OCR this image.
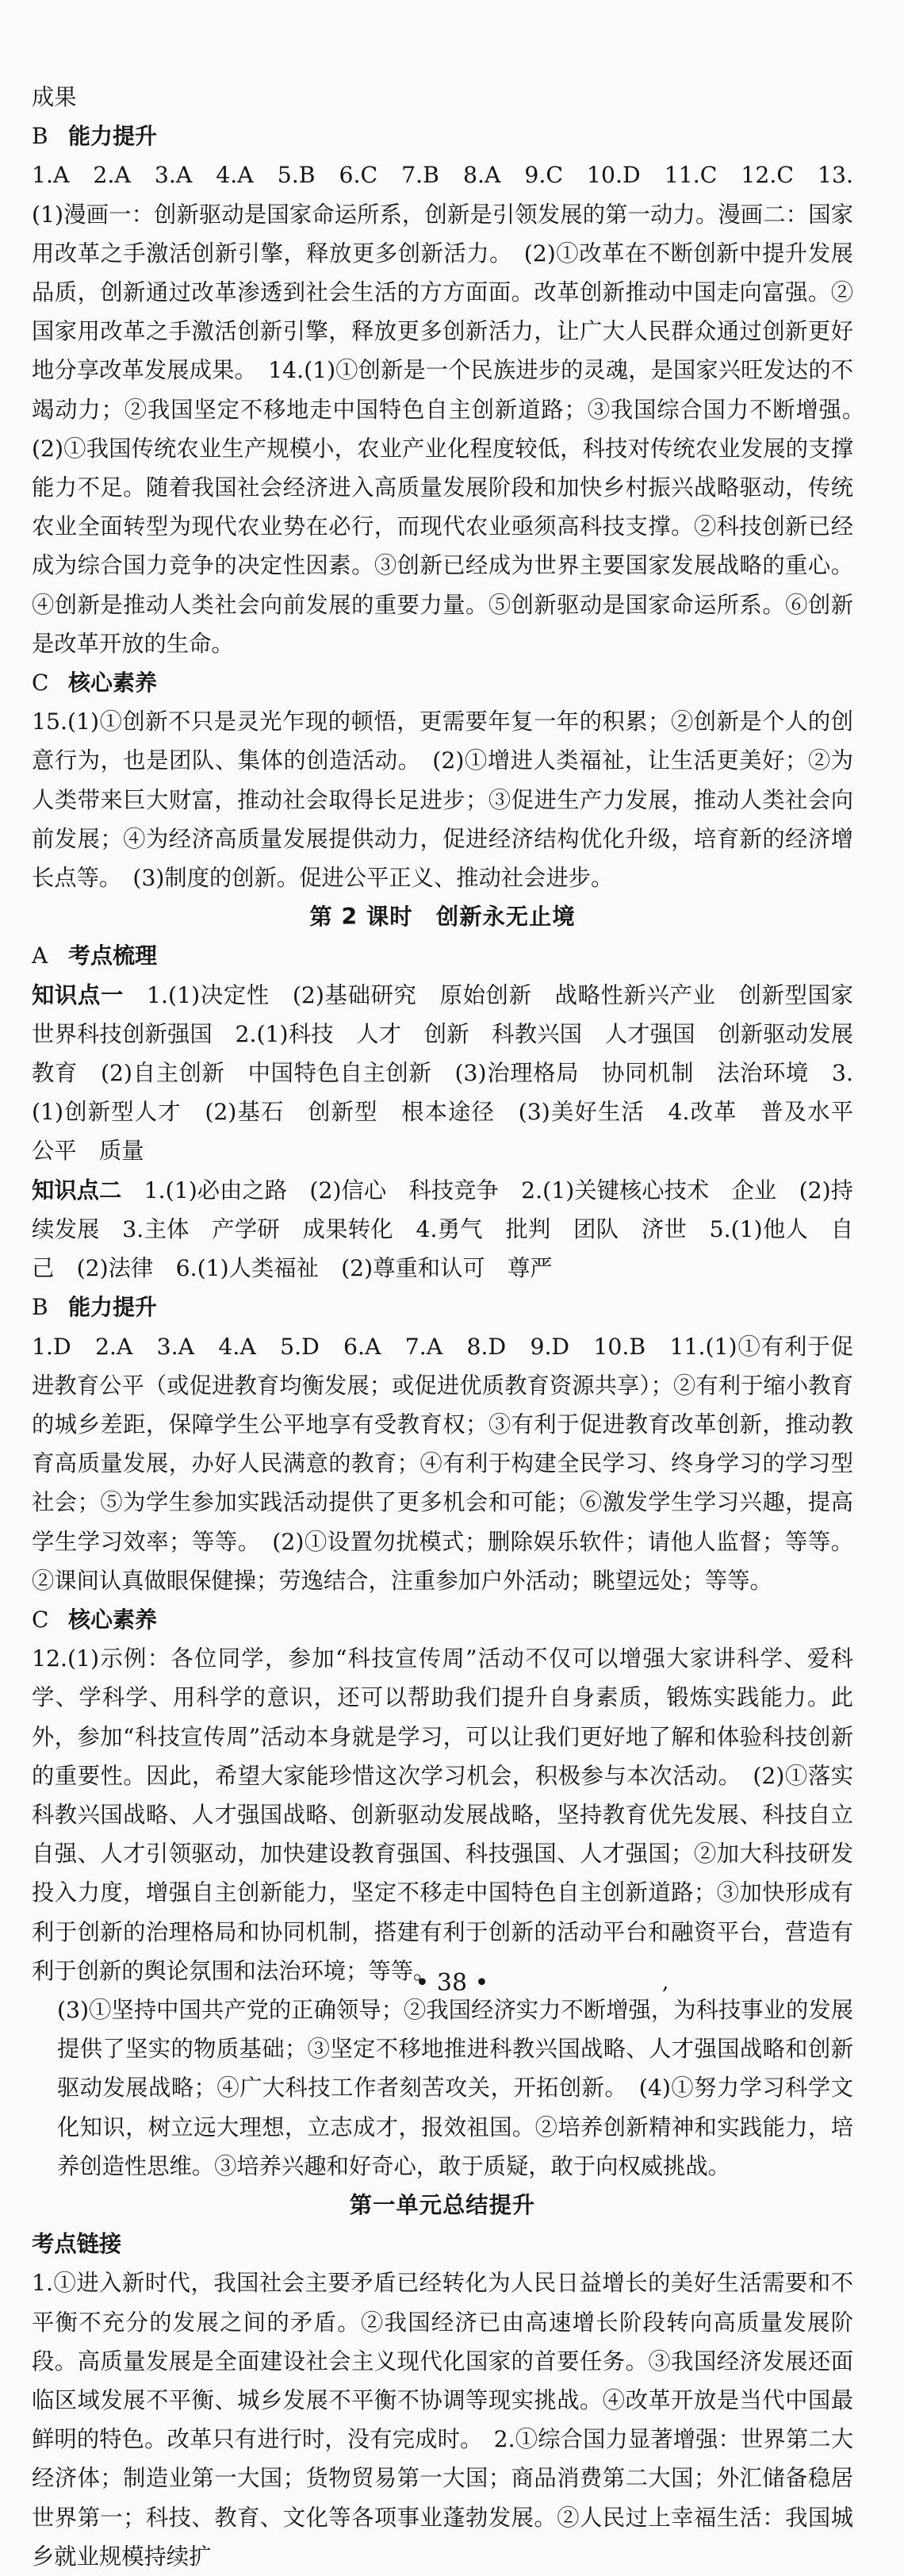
成果

B 能力提升

1.A　2.A　3.A　4.A　5.B　6.C　7.B　8.A　9.C　10.D　11.C　12.C　13.(1)漫画一：创新驱动是国家命运所系，创新是引领发展的第一动力。漫画二：国家用改革之手激活创新引擎，释放更多创新活力。　(2)①改革在不断创新中提升发展品质，创新通过改革渗透到社会生活的方方面面。改革创新推动中国走向富强。②国家用改革之手激活创新引擎，释放更多创新活力，让广大人民群众通过创新更好地分享改革发展成果。　14.(1)①创新是一个民族进步的灵魂，是国家兴旺发达的不竭动力；②我国坚定不移地走中国特色自主创新道路；③我国综合国力不断增强。　(2)①我国传统农业生产规模小，农业产业化程度较低，科技对传统农业发展的支撑能力不足。随着我国社会经济进入高质量发展阶段和加快乡村振兴战略驱动，传统农业全面转型为现代农业势在必行，而现代农业亟须高科技支撑。②科技创新已经成为综合国力竞争的决定性因素。③创新已经成为世界主要国家发展战略的重心。④创新是推动人类社会向前发展的重要力量。⑤创新驱动是国家命运所系。⑥创新是改革开放的生命。

C 核心素养

15.(1)①创新不只是灵光乍现的顿悟，更需要年复一年的积累；②创新是个人的创意行为，也是团队、集体的创造活动。　(2)①增进人类福祉，让生活更美好；②为人类带来巨大财富，推动社会取得长足进步；③促进生产力发展，推动人类社会向前发展；④为经济高质量发展提供动力，促进经济结构优化升级，培育新的经济增长点等。　(3)制度的创新。促进公平正义、推动社会进步。

第 2 课时　创新永无止境

A 考点梳理

知识点一　 1.(1)决定性　(2)基础研究　原始创新　战略性新兴产业　创新型国家　世界科技创新强国　2.(1)科技　人才　创新　科教兴国　人才强国　创新驱动发展　教育　(2)自主创新　中国特色自主创新　(3)治理格局　协同机制　法治环境　3.(1)创新型人才　(2)基石　创新型　根本途径　(3)美好生活　4.改革　普及水平　公平　质量

知识点二　 1.(1)必由之路　(2)信心　科技竞争　2.(1)关键核心技术　企业　(2)持续发展　3.主体　产学研　成果转化　4.勇气　批判　团队　济世　5.(1)他人　自己　(2)法律　6.(1)人类福祉　(2)尊重和认可　尊严

B 能力提升

1.D　2.A　3.A　4.A　5.D　6.A　7.A　8.D　9.D　10.B　11.(1)①有利于促进教育公平（或促进教育均衡发展；或促进优质教育资源共享）；②有利于缩小教育的城乡差距，保障学生公平地享有受教育权；③有利于促进教育改革创新，推动教育高质量发展，办好人民满意的教育；④有利于构建全民学习、终身学习的学习型社会；⑤为学生参加实践活动提供了更多机会和可能；⑥激发学生学习兴趣，提高学生学习效率；等等。　(2)①设置勿扰模式；删除娱乐软件；请他人监督；等等。②课间认真做眼保健操；劳逸结合，注重参加户外活动；眺望远处；等等。

C 核心素养

12.(1)示例：各位同学，参加“科技宣传周”活动不仅可以增强大家讲科学、爱科学、学科学、用科学的意识，还可以帮助我们提升自身素质，锻炼实践能力。此外，参加“科技宣传周”活动本身就是学习，可以让我们更好地了解和体验科技创新的重要性。因此，希望大家能珍惜这次学习机会，积极参与本次活动。　(2)①落实科教兴国战略、人才强国战略、创新驱动发展战略，坚持教育优先发展、科技自立自强、人才引领驱动，加快建设教育强国、科技强国、人才强国；②加大科技研发投入力度，增强自主创新能力，坚定不移走中国特色自主创新道路；③加快形成有利于创新的治理格局和协同机制，搭建有利于创新的活动平台和融资平台，营造有利于创新的舆论氛围和法治环境；等等。

(3)①坚持中国共产党的正确领导；②我国经济实力不断增强，为科技事业的发展提供了坚实的物质基础；③坚定不移地推进科教兴国战略、人才强国战略和创新驱动发展战略；④广大科技工作者刻苦攻关，开拓创新。　(4)①努力学习科学文化知识，树立远大理想，立志成才，报效祖国。②培养创新精神和实践能力，培养创造性思维。③培养兴趣和好奇心，敢于质疑，敢于向权威挑战。

第一单元总结提升

考点链接

1.①进入新时代，我国社会主要矛盾已经转化为人民日益增长的美好生活需要和不平衡不充分的发展之间的矛盾。②我国经济已由高速增长阶段转向高质量发展阶段。高质量发展是全面建设社会主义现代化国家的首要任务。③我国经济发展还面临区域发展不平衡、城乡发展不平衡不协调等现实挑战。④改革开放是当代中国最鲜明的特色。改革只有进行时，没有完成时。　2.①综合国力显著增强：世界第二大经济体；制造业第一大国；货物贸易第一大国；商品消费第二大国；外汇储备稳居世界第一；科技、教育、文化等各项事业蓬勃发展。②人民过上幸福生活：我国城乡就业规模持续扩

• 38 •	,
